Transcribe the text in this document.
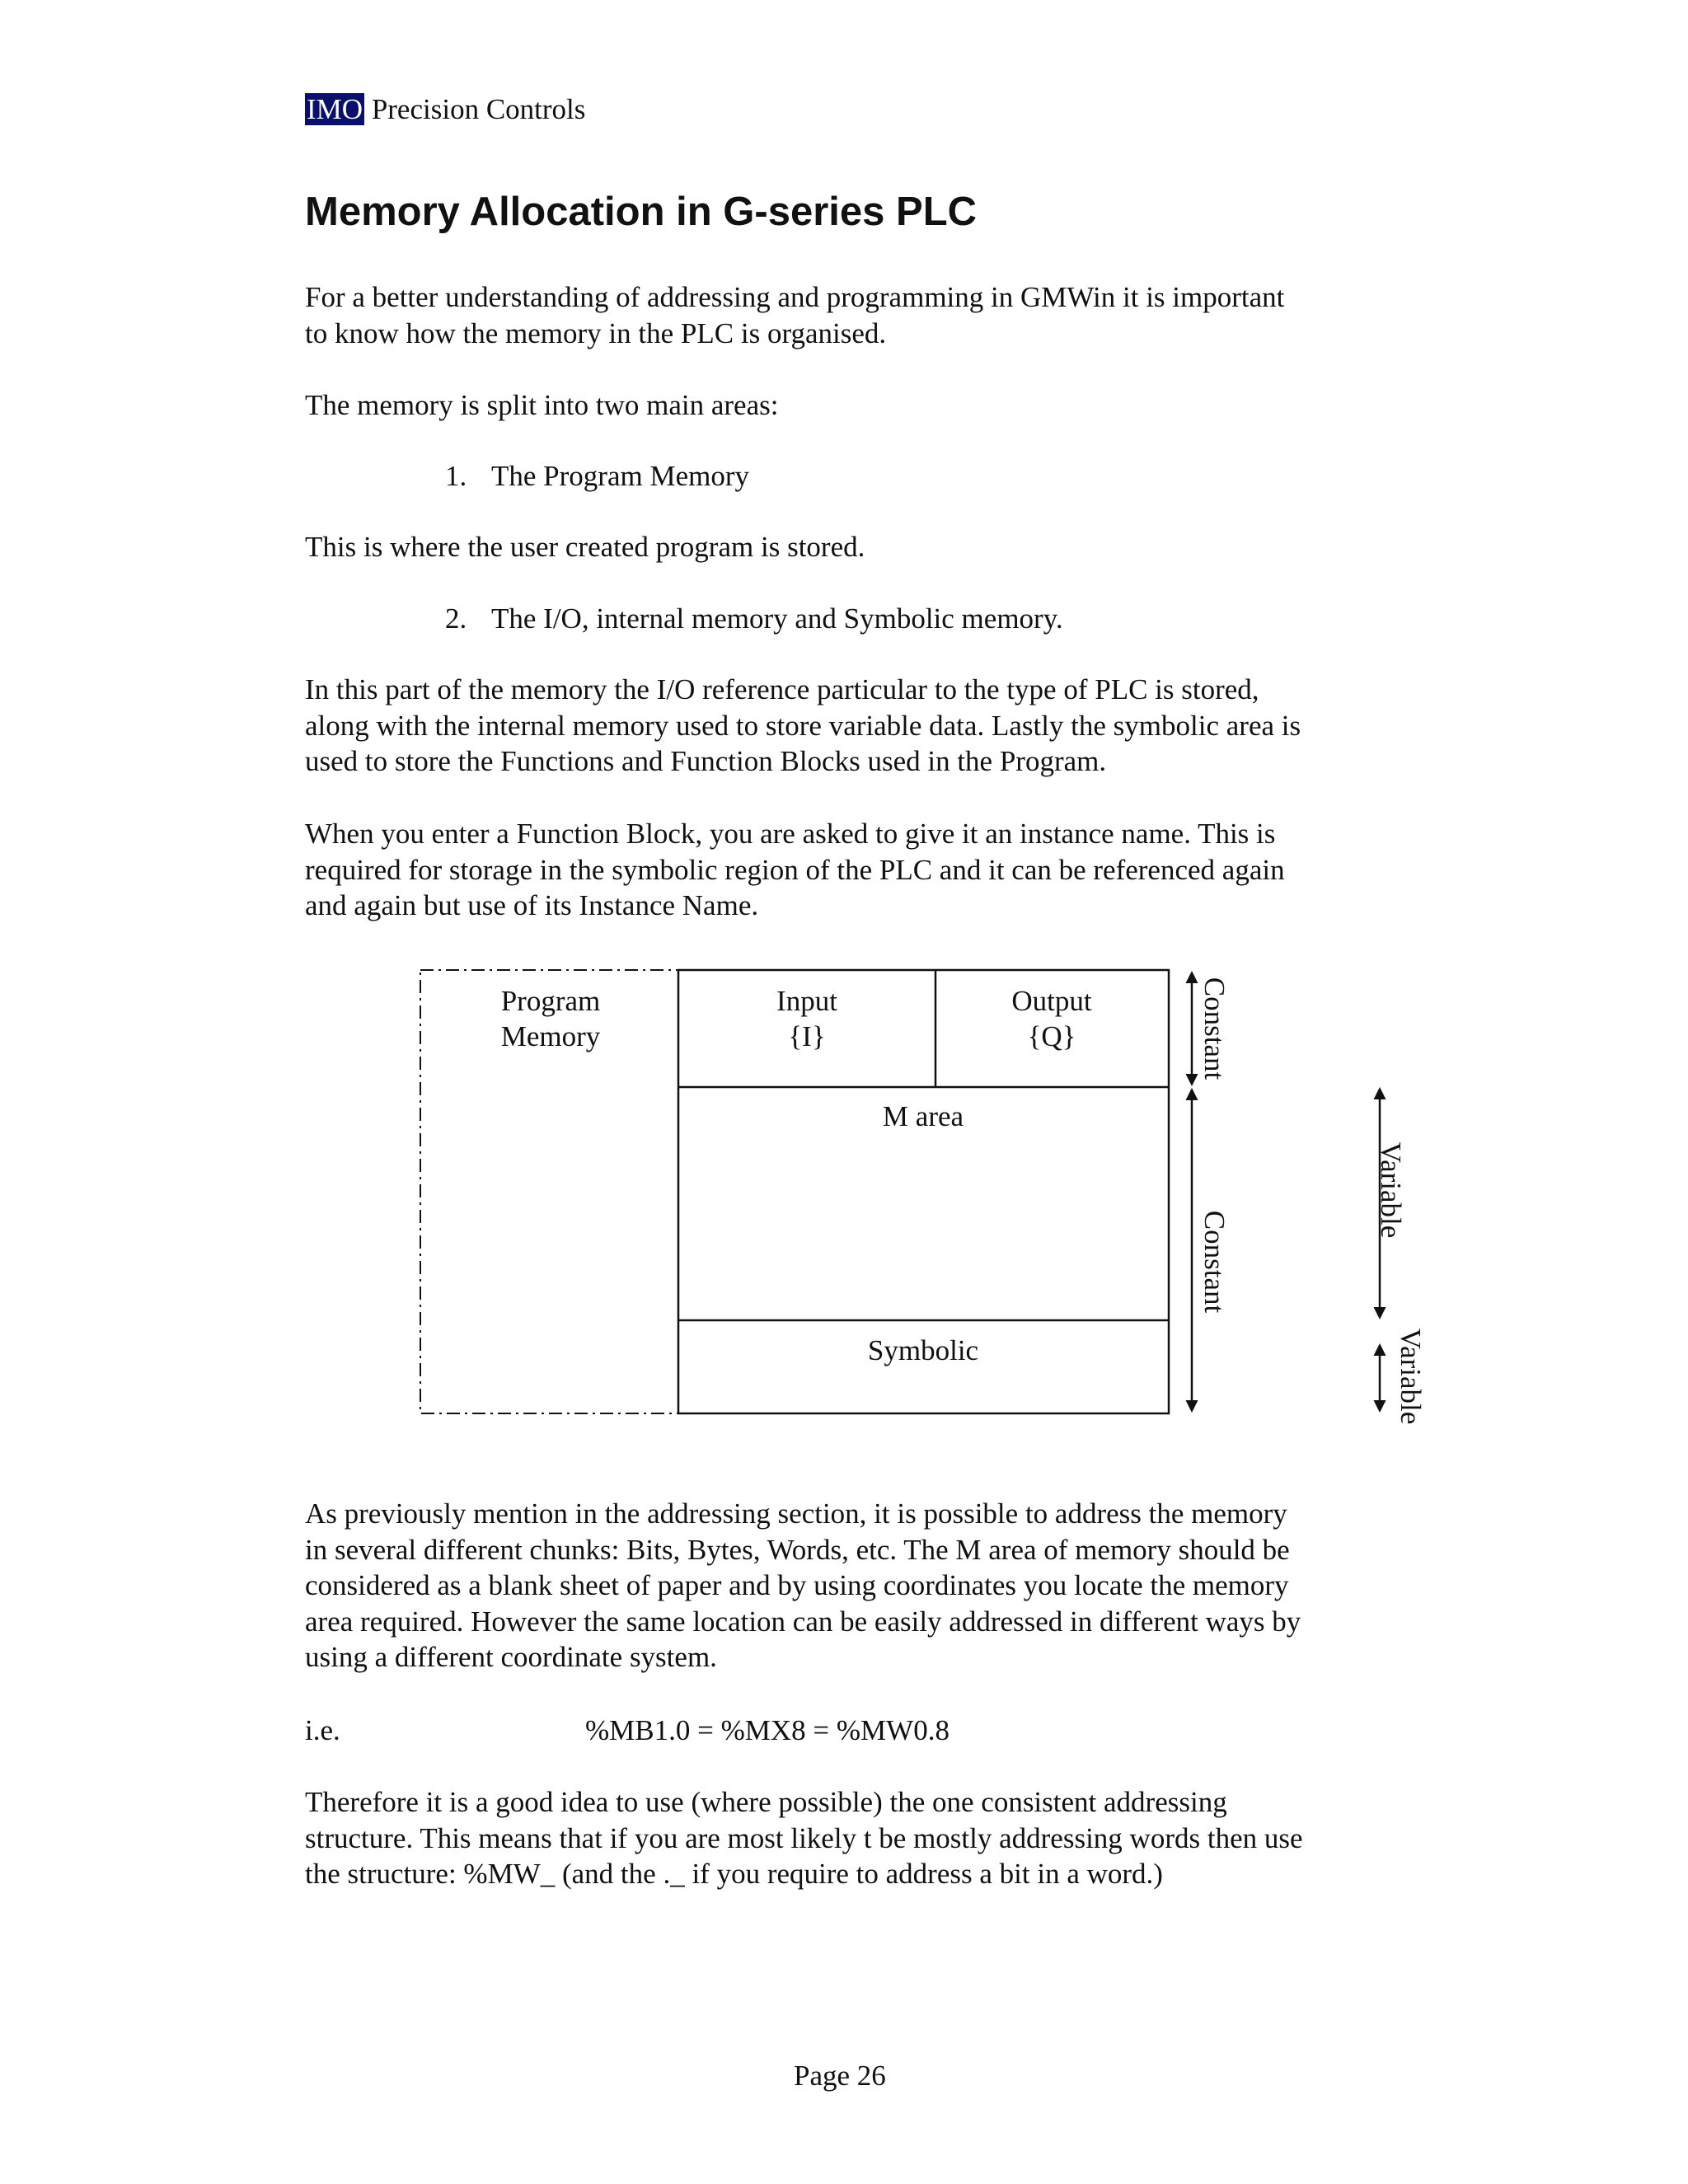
IMO Precision Controls
Memory Allocation in G-series PLC
For a better understanding of addressing and programming in GMWin it is important
to know how the memory in the PLC is organised.
The memory is split into two main areas:
1. The Program Memory
This is where the user created program is stored.
2. The I/O, internal memory and Symbolic memory.
In this part of the memory the I/O reference particular to the type of PLC is stored,
along with the internal memory used to store variable data. Lastly the symbolic area is
used to store the Functions and Function Blocks used in the Program.
When you enter a Function Block, you are asked to give it an instance name. This is
required for storage in the symbolic region of the PLC and it can be referenced again
and again but use of its Instance Name.
Program
Memory
Input
{I}
Output
{Q}
M area
Symbolic
Constant
Constant
Variable
Variable
As previously mention in the addressing section, it is possible to address the memory
in several different chunks: Bits, Bytes, Words, etc. The M area of memory should be
considered as a blank sheet of paper and by using coordinates you locate the memory
area required. However the same location can be easily addressed in different ways by
using a different coordinate system.
i.e.	%MB1.0 = %MX8 = %MW0.8
Therefore it is a good idea to use (where possible) the one consistent addressing
structure. This means that if you are most likely t be mostly addressing words then use
the structure: %MW_ (and the ._ if you require to address a bit in a word.)
Page 26
